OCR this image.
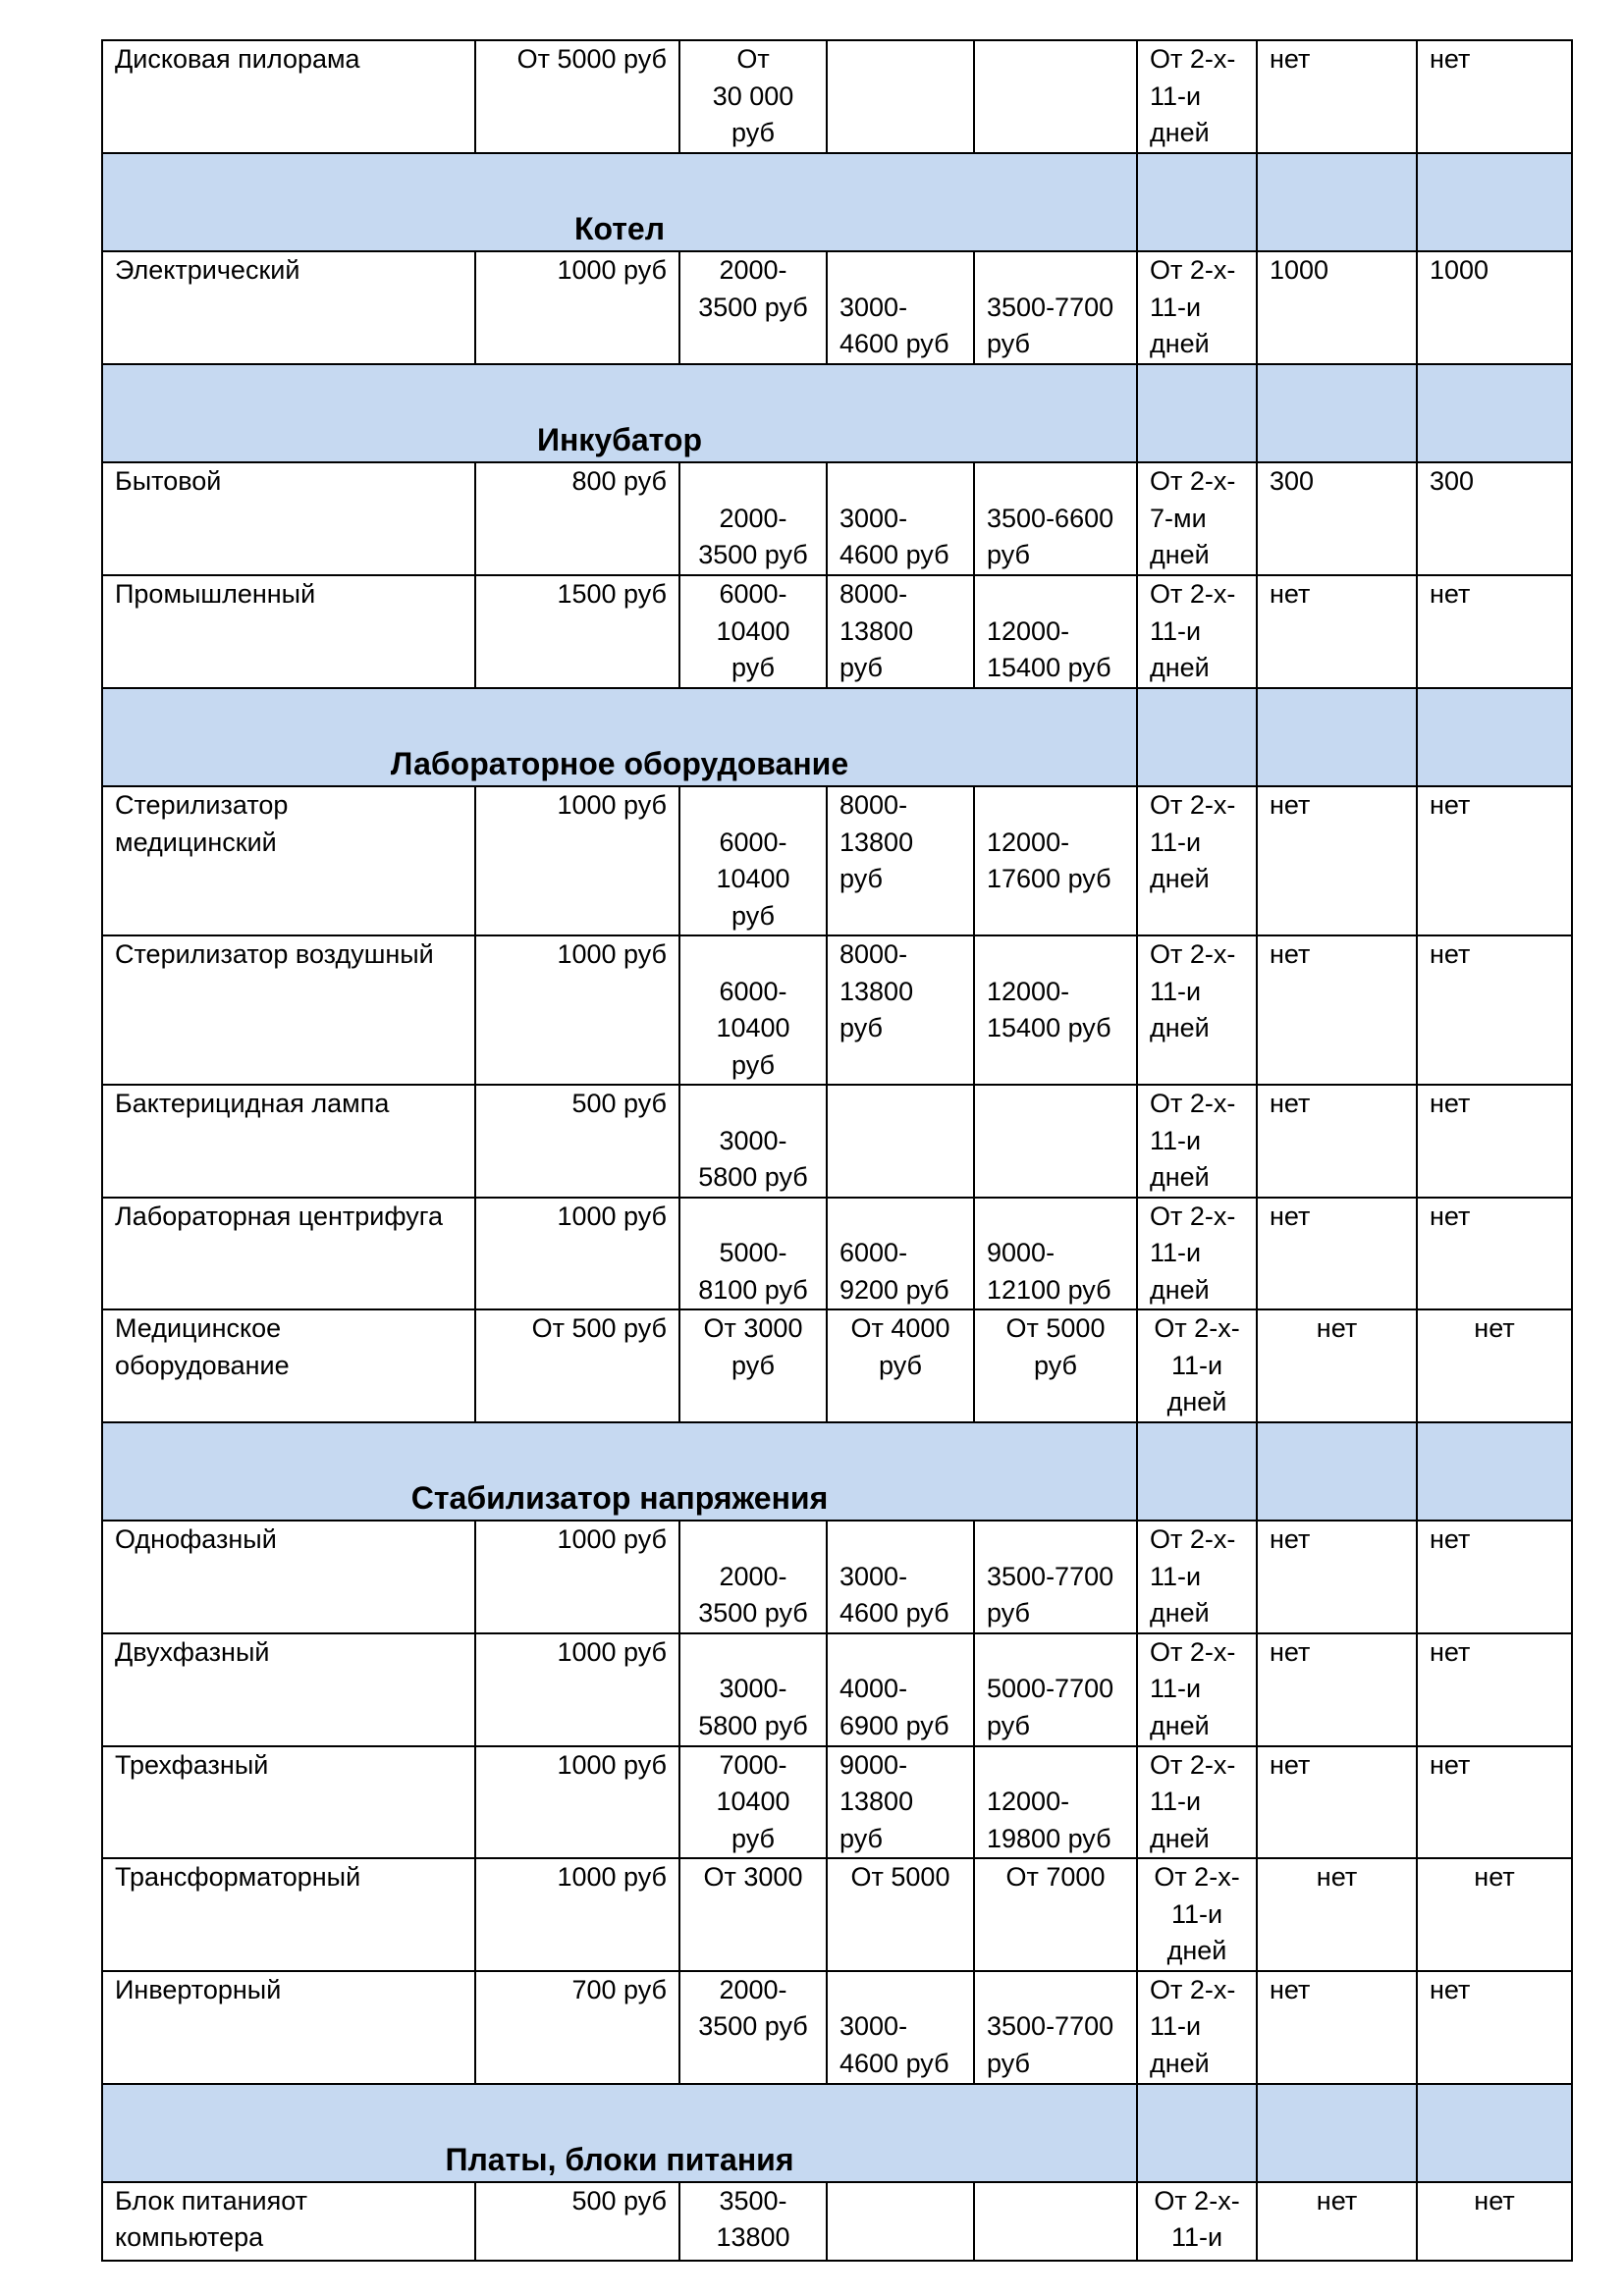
Дисковая пилорама	От 5000 руб	От
30 000
руб			От 2-х-
11-и
дней	нет	нет

Котел							

Электрический	1000 руб	2000-
3500 руб	3000-
4600 руб	3500-7700
руб	От 2-х-
11-и
дней	1000	1000

Инкубатор							

Бытовой	800 руб	2000-
3500 руб	3000-
4600 руб	3500-6600
руб	От 2-х-
7-ми
дней	300	300

Промышленный	1500 руб	6000-
10400
руб	8000-
13800
руб	12000-
15400 руб	От 2-х-
11-и
дней	нет	нет

Лабораторное оборудование							

Стерилизатор
медицинский	1000 руб	6000-
10400
руб	8000-
13800
руб	12000-
17600 руб	От 2-х-
11-и
дней	нет	нет

Стерилизатор воздушный	1000 руб	6000-
10400
руб	8000-
13800
руб	12000-
15400 руб	От 2-х-
11-и
дней	нет	нет

Бактерицидная лампа	500 руб	3000-
5800 руб			От 2-х-
11-и
дней	нет	нет

Лабораторная центрифуга	1000 руб	5000-
8100 руб	6000-
9200 руб	9000-
12100 руб	От 2-х-
11-и
дней	нет	нет

Медицинское
оборудование	От 500 руб	От 3000
руб	От 4000
руб	От 5000
руб	От 2-х-
11-и
дней	нет	нет

Стабилизатор напряжения							

Однофазный	1000 руб	2000-
3500 руб	3000-
4600 руб	3500-7700
руб	От 2-х-
11-и
дней	нет	нет

Двухфазный	1000 руб	3000-
5800 руб	4000-
6900 руб	5000-7700
руб	От 2-х-
11-и
дней	нет	нет

Трехфазный	1000 руб	7000-
10400
руб	9000-
13800
руб	12000-
19800 руб	От 2-х-
11-и
дней	нет	нет

Трансформаторный	1000 руб	От 3000	От 5000	От 7000	От 2-х-
11-и
дней	нет	нет

Инверторный	700 руб	2000-
3500 руб	3000-
4600 руб	3500-7700
руб	От 2-х-
11-и
дней	нет	нет

Платы, блоки питания							

Блок питанияот
компьютера	500 руб	3500-
13800			От 2-х-
11-и	нет	нет
